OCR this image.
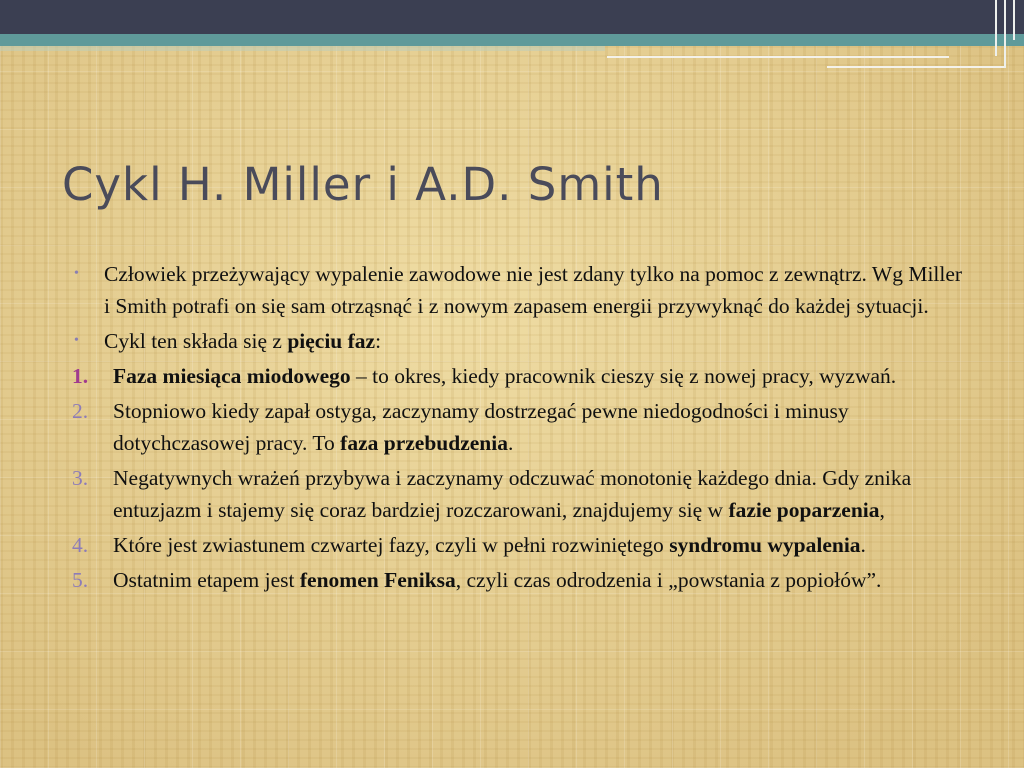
Cykl H. Miller i A.D. Smith
• Człowiek przeżywający wypalenie zawodowe nie jest zdany tylko na pomoc z zewnątrz. Wg Miller i Smith potrafi on się sam otrząsnąć i z nowym zapasem energii przywyknąć do każdej sytuacji.
• Cykl ten składa się z pięciu faz:
1. Faza miesiąca miodowego – to okres, kiedy pracownik cieszy się z nowej pracy, wyzwań.
2. Stopniowo kiedy zapał ostyga, zaczynamy dostrzegać pewne niedogodności i minusy dotychczasowej pracy. To faza przebudzenia.
3. Negatywnych wrażeń przybywa i zaczynamy odczuwać monotonię każdego dnia. Gdy znika entuzjazm i stajemy się coraz bardziej rozczarowani, znajdujemy się w fazie poparzenia,
4. Które jest zwiastunem czwartej fazy, czyli w pełni rozwiniętego syndromu wypalenia.
5. Ostatnim etapem jest fenomen Feniksa, czyli czas odrodzenia i „powstania z popiołów”.
